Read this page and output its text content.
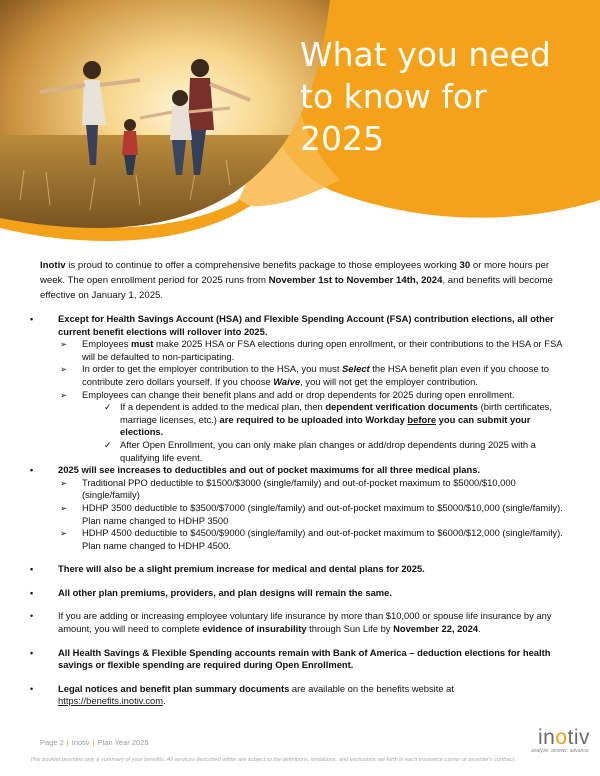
What you need
to know for
2025
Inotiv is proud to continue to offer a comprehensive benefits package to those employees working 30 or more hours per week. The open enrollment period for 2025 runs from November 1st to November 14th, 2024, and benefits will become effective on January 1, 2025.
•	Except for Health Savings Account (HSA) and Flexible Spending Account (FSA) contribution elections, all other current benefit elections will rollover into 2025.
➢ Employees must make 2025 HSA or FSA elections during open enrollment, or their contributions to the HSA or FSA will be defaulted to non-participating.
➢ In order to get the employer contribution to the HSA, you must Select the HSA benefit plan even if you choose to contribute zero dollars yourself. If you choose Waive, you will not get the employer contribution.
➢ Employees can change their benefit plans and add or drop dependents for 2025 during open enrollment.
✓ If a dependent is added to the medical plan, then dependent verification documents (birth certificates, marriage licenses, etc.) are required to be uploaded into Workday before you can submit your elections.
✓ After Open Enrollment, you can only make plan changes or add/drop dependents during 2025 with a qualifying life event.
•	2025 will see increases to deductibles and out of pocket maximums for all three medical plans.
➢ Traditional PPO deductible to $1500/$3000 (single/family) and out-of-pocket maximum to $5000/$10,000 (single/family)
➢ HDHP 3500 deductible to $3500/$7000 (single/family) and out-of-pocket maximum to $5000/$10,000 (single/family). Plan name changed to HDHP 3500
➢ HDHP 4500 deductible to $4500/$9000 (single/family) and out-of-pocket maximum to $6000/$12,000 (single/family). Plan name changed to HDHP 4500.
•	There will also be a slight premium increase for medical and dental plans for 2025.
•	All other plan premiums, providers, and plan designs will remain the same.
•	If you are adding or increasing employee voluntary life insurance by more than $10,000 or spouse life insurance by any amount, you will need to complete evidence of insurability through Sun Life by November 22, 2024.
•	All Health Savings & Flexible Spending accounts remain with Bank of America – deduction elections for health savings or flexible spending are required during Open Enrollment.
•	Legal notices and benefit plan summary documents are available on the benefits website at
https://benefits.inotiv.com.
Page 2 | Inotiv | Plan Year 2025	inotiv
analyze. answer. advance.
This booklet provides only a summary of your benefits. All services described within are subject to the definitions, limitations, and exclusions set forth in each insurance carrier or provider's contract.
